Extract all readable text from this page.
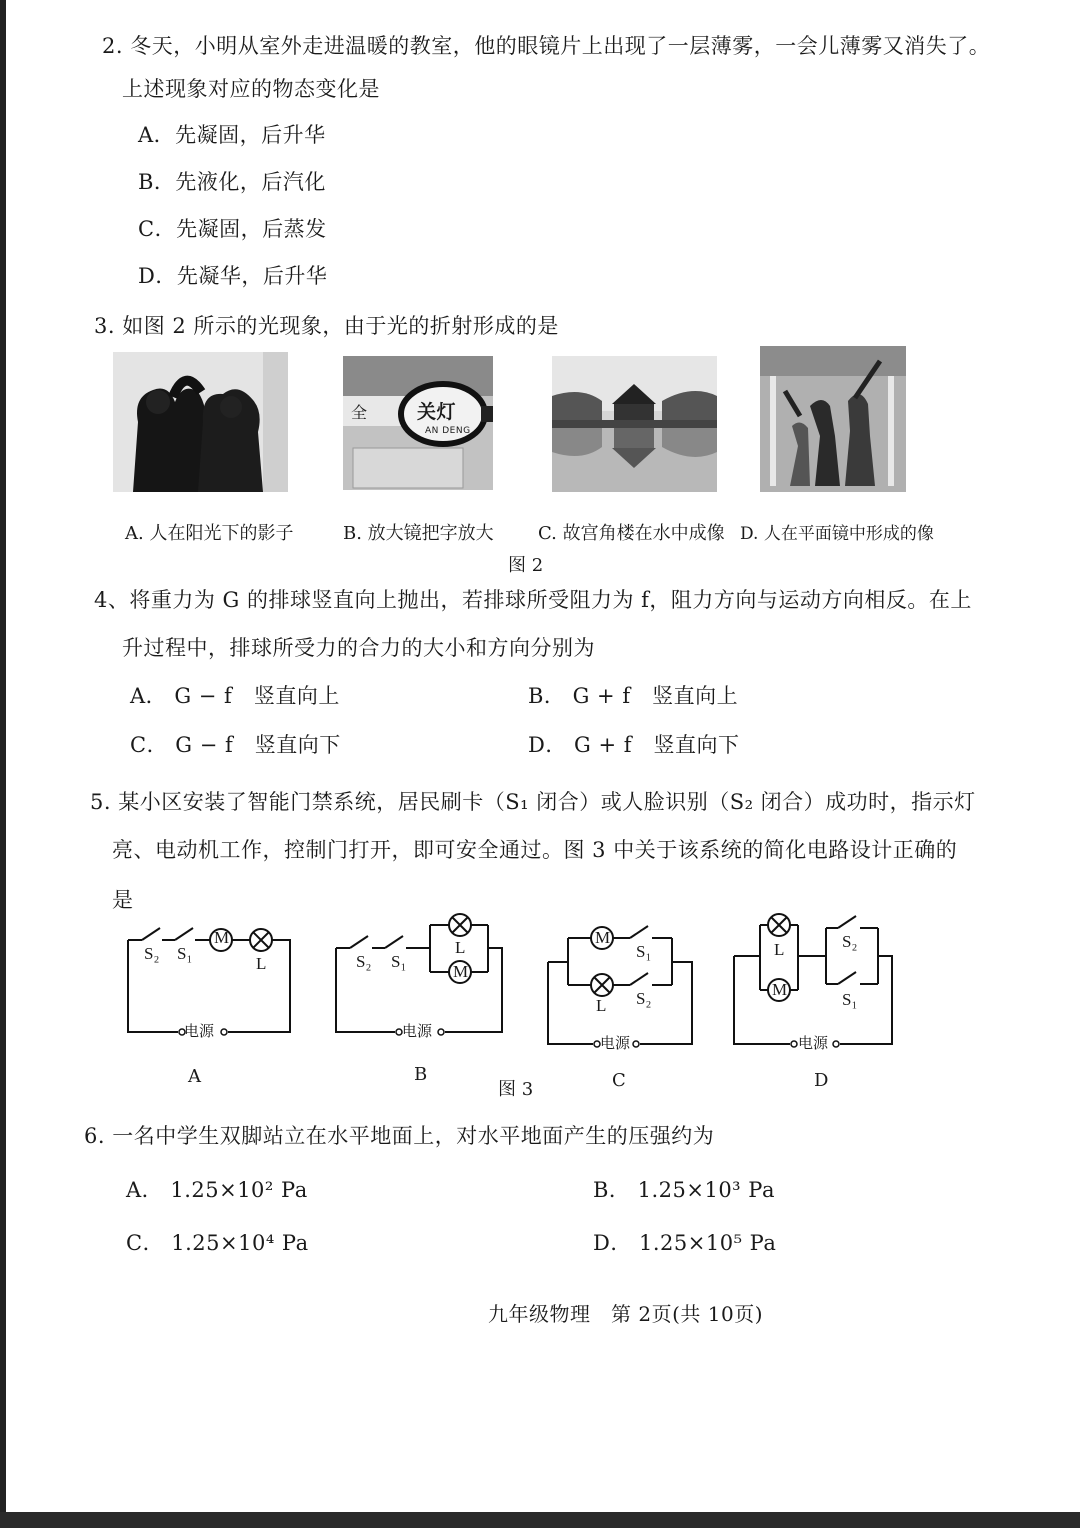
2. 冬天，小明从室外走进温暖的教室，他的眼镜片上出现了一层薄雾，一会儿薄雾又消失了。
上述现象对应的物态变化是
A．先凝固，后升华
B．先液化，后汽化
C．先凝固，后蒸发
D．先凝华，后升华
3. 如图 2 所示的光现象，由于光的折射形成的是
全	关灯
AN DENG
A. 人在阳光下的影子	B. 放大镜把字放大 C. 故宫角楼在水中成像 D. 人在平面镜中形成的像
图 2
4、将重力为 G 的排球竖直向上抛出，若排球所受阻力为 f，阻力方向与运动方向相反。在上
升过程中，排球所受力的合力的大小和方向分别为
A． G − f　竖直向上	B． G + f　竖直向上
C． G − f　竖直向下	D． G + f　竖直向下
5. 某小区安装了智能门禁系统，居民刷卡（S₁ 闭合）或人脸识别（S₂ 闭合）成功时，指示灯
亮、电动机工作，控制门打开，即可安全通过。图 3 中关于该系统的简化电路设计正确的
是
M
S₂ S₁
L
电源
S₂ S₁
L
M
电源
M
S₁
L S₂
电源
L
M
S₂
S₁
电源
A	B
图 3	C	D
6. 一名中学生双脚站立在水平地面上，对水平地面产生的压强约为
A． 1.25×10² Pa	B． 1.25×10³ Pa
C． 1.25×10⁴ Pa	D． 1.25×10⁵ Pa
九年级物理　第 2页(共 10页)
